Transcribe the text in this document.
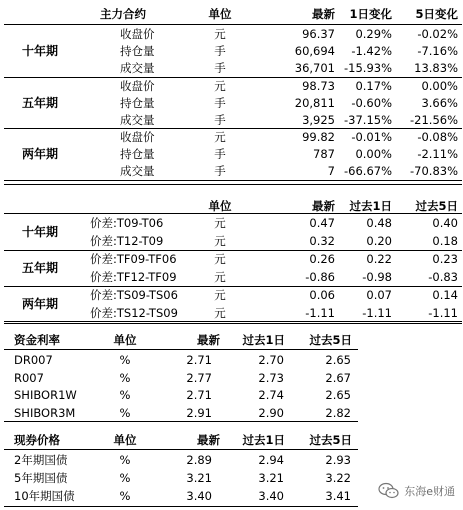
主力合约	单位	最新	1日变化	5日变化
十年期
收盘价	元	96.37	0.29%	-0.02%
持仓量	手	60,694	-1.42%	-7.16%
成交量	手	36,701 -15.93%	13.83%
五年期
收盘价	元	98.73	0.17%	0.00%
持仓量	手	20,811	-0.60%	3.66%
成交量	手	3,925 -37.15%	-21.56%
两年期
收盘价	元	99.82	-0.01%	-0.08%
持仓量	手	787	0.00%	-2.11%
成交量	手	7 -66.67%	-70.83%
单位	最新	过去1日	过去5日
十年期
价差:T09-T06	元	0.47	0.48	0.40
价差:T12-T09	元	0.32	0.20	0.18
五年期
价差:TF09-TF06	元	0.26	0.22	0.23
价差:TF12-TF09	元	-0.86	-0.98	-0.83
两年期
价差:TS09-TS06	元	0.06	0.07	0.14
价差:TS12-TS09	元	-1.11	-1.11	-1.11
资金利率	单位	最新	过去1日	过去5日
DR007	%	2.71	2.70	2.65
R007	%	2.77	2.73	2.67
SHIBOR1W	%	2.71	2.74	2.65
SHIBOR3M	%	2.91	2.90	2.82
现券价格	单位	最新	过去1日	过去5日
2年期国债	%	2.89	2.94	2.93
5年期国债	%	3.21	3.21	3.22
10年期国债	%	3.40	3.40	3.41	东海e财通
